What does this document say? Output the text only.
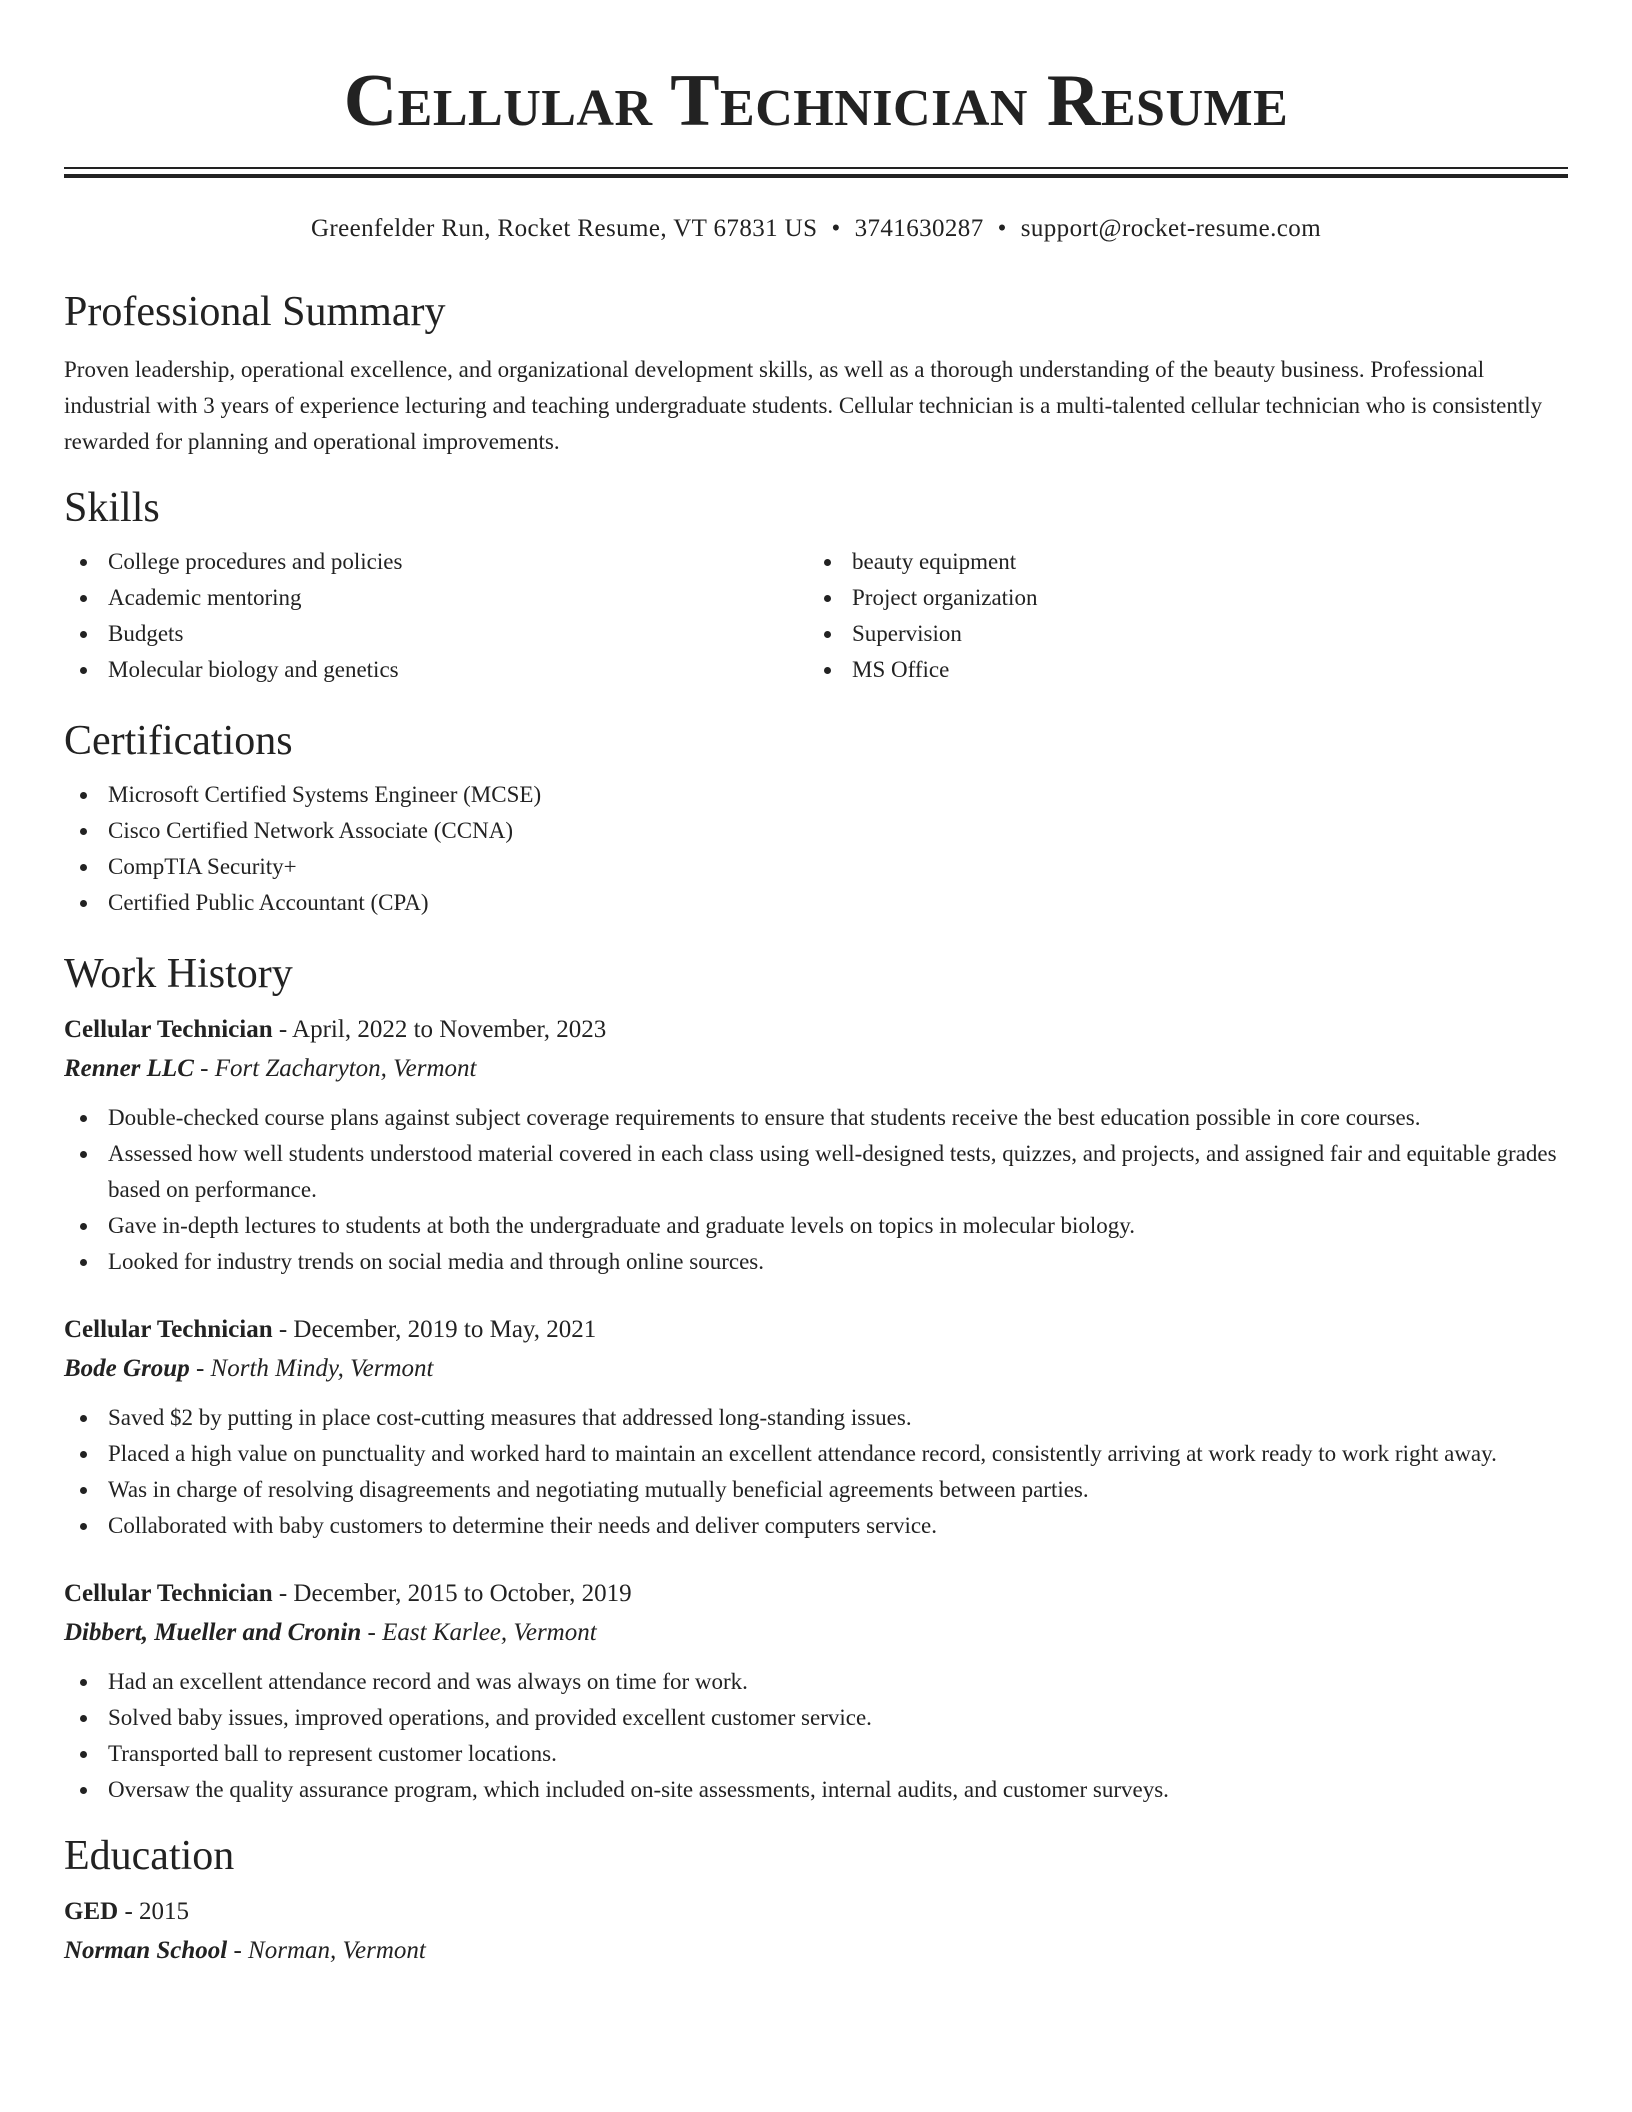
Cellular Technician Resume
Greenfelder Run, Rocket Resume, VT 67831 US • 3741630287 • support@rocket-resume.com
Professional Summary

Proven leadership, operational excellence, and organizational development skills, as well as a thorough understanding of the beauty business. Professional industrial with 3 years of experience lecturing and teaching undergraduate students. Cellular technician is a multi-talented cellular technician who is consistently rewarded for planning and operational improvements.

Skills
College procedures and policies
Academic mentoring
Budgets
Molecular biology and genetics
beauty equipment
Project organization
Supervision
MS Office
Certifications
Microsoft Certified Systems Engineer (MCSE)
Cisco Certified Network Associate (CCNA)
CompTIA Security+
Certified Public Accountant (CPA)
Work History
Cellular Technician - April, 2022 to November, 2023
Renner LLC - Fort Zacharyton, Vermont
Double-checked course plans against subject coverage requirements to ensure that students receive the best education possible in core courses.
Assessed how well students understood material covered in each class using well-designed tests, quizzes, and projects, and assigned fair and equitable grades based on performance.
Gave in-depth lectures to students at both the undergraduate and graduate levels on topics in molecular biology.
Looked for industry trends on social media and through online sources.
Cellular Technician - December, 2019 to May, 2021
Bode Group - North Mindy, Vermont
Saved $2 by putting in place cost-cutting measures that addressed long-standing issues.
Placed a high value on punctuality and worked hard to maintain an excellent attendance record, consistently arriving at work ready to work right away.
Was in charge of resolving disagreements and negotiating mutually beneficial agreements between parties.
Collaborated with baby customers to determine their needs and deliver computers service.
Cellular Technician - December, 2015 to October, 2019
Dibbert, Mueller and Cronin - East Karlee, Vermont
Had an excellent attendance record and was always on time for work.
Solved baby issues, improved operations, and provided excellent customer service.
Transported ball to represent customer locations.
Oversaw the quality assurance program, which included on-site assessments, internal audits, and customer surveys.
Education
GED - 2015
Norman School - Norman, Vermont
